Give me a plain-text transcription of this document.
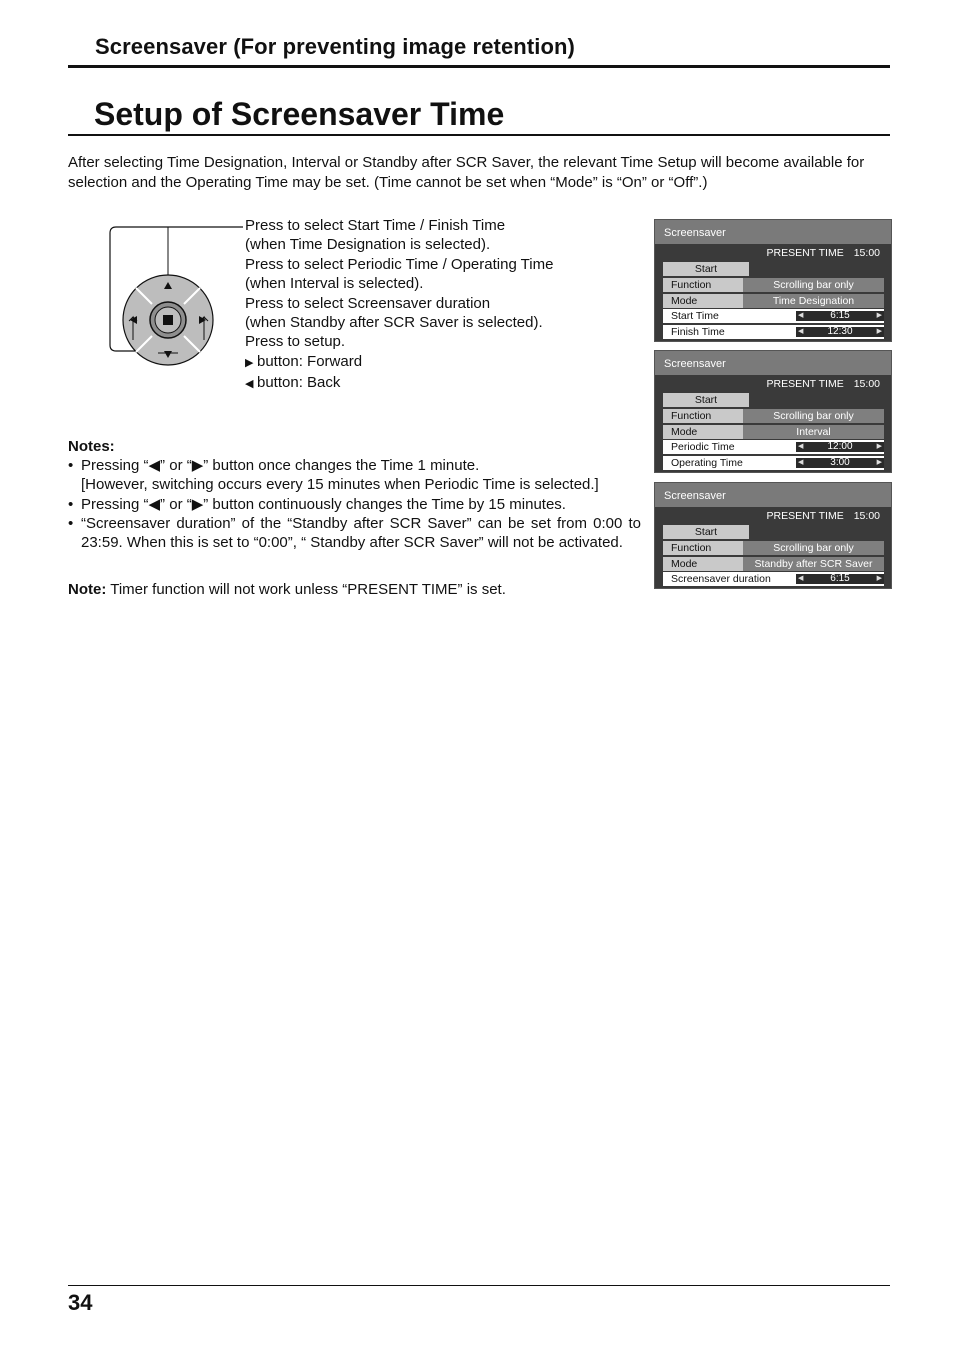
Screensaver (For preventing image retention)
Setup of Screensaver Time
After selecting Time Designation, Interval or Standby after SCR Saver, the relevant Time Setup will become available for selection and the Operating Time may be set. (Time cannot be set when “Mode” is “On” or “Off”.)
Press to select Start Time / Finish Time
(when Time Designation is selected).
Press to select Periodic Time / Operating Time
(when Interval is selected).
Press to select Screensaver duration
(when Standby after SCR Saver is selected).
Press to setup.
▶ button: Forward
◀ button: Back
Notes:
• Pressing “◀” or “▶” button once changes the Time 1 minute.
[However, switching occurs every 15 minutes when Periodic Time is selected.]
• Pressing “◀” or “▶” button continuously changes the Time by 15 minutes.
• “Screensaver duration” of the “Standby after SCR Saver” can be set from 0:00 to 23:59. When this is set to “0:00”, “ Standby after SCR Saver” will not be activated.
Note: Timer function will not work unless “PRESENT TIME” is set.
Screensaver
PRESENT TIME 15:00
Start
Function	Scrolling bar only
Mode	Time Designation
Start Time	◀	6:15	▶
Finish Time	◀ 12:30	▶
Screensaver
PRESENT TIME 15:00
Start
Function	Scrolling bar only
Mode	Interval
Periodic Time	◀ 12:00	▶
Operating Time	◀	3:00	▶
Screensaver
PRESENT TIME 15:00
Start
Function	Scrolling bar only
Mode	Standby after SCR Saver
Screensaver duration	◀	6:15	▶
34
